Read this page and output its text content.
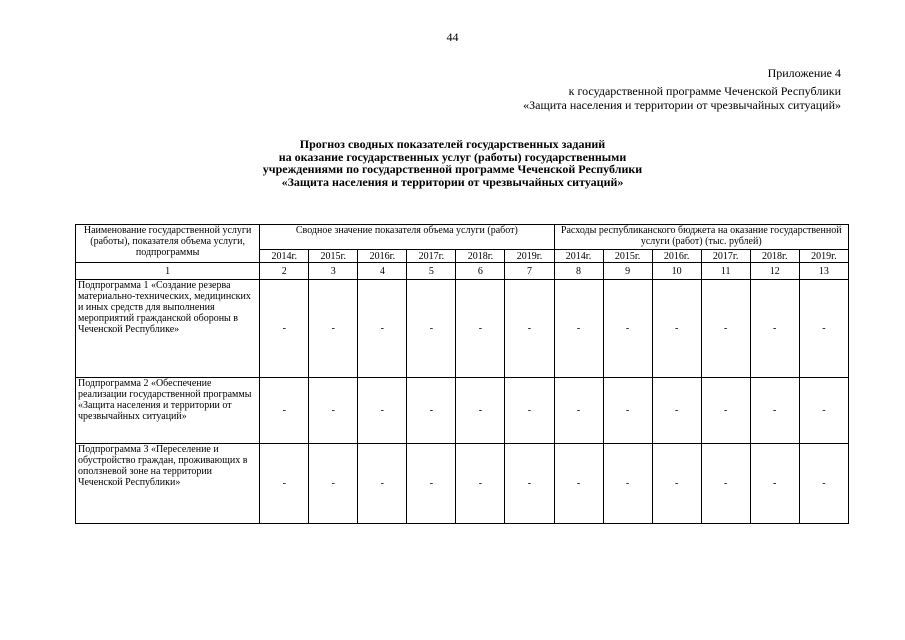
44
Приложение 4
к государственной программе Чеченской Республики
«Защита населения и территории от чрезвычайных ситуаций»
Прогноз сводных показателей государственных заданий
на оказание государственных услуг (работы) государственными
учреждениями по государственной программе Чеченской Республики
«Защита населения и территории от чрезвычайных ситуаций»
Наименование государственной услуги (работы), показателя объема услуги, подпрограммы	Сводное значение показателя объема услуги (работ)						Расходы республиканского бюджета на оказание государственной услуги (работ) (тыс. рублей)					
	2014г.	2015г.	2016г.	2017г.	2018г.	2019г.	2014г.	2015г.	2016г.	2017г.	2018г.	2019г.
1	2	3	4	5	6	7	8	9	10	11	12	13
Подпрограмма 1 «Создание резерва материально-технических, медицинских и иных средств для выполнения мероприятий гражданской обороны в Чеченской Республике»	-	-	-	-	-	-	-	-	-	-	-	-
Подпрограмма 2 «Обеспечение реализации государственной программы «Защита населения и территории от чрезвычайных ситуаций»	-	-	-	-	-	-	-	-	-	-	-	-
Подпрограмма 3 «Переселение и обустройство граждан, проживающих в оползневой зоне на территории Чеченской Республики»	-	-	-	-	-	-	-	-	-	-	-	-
